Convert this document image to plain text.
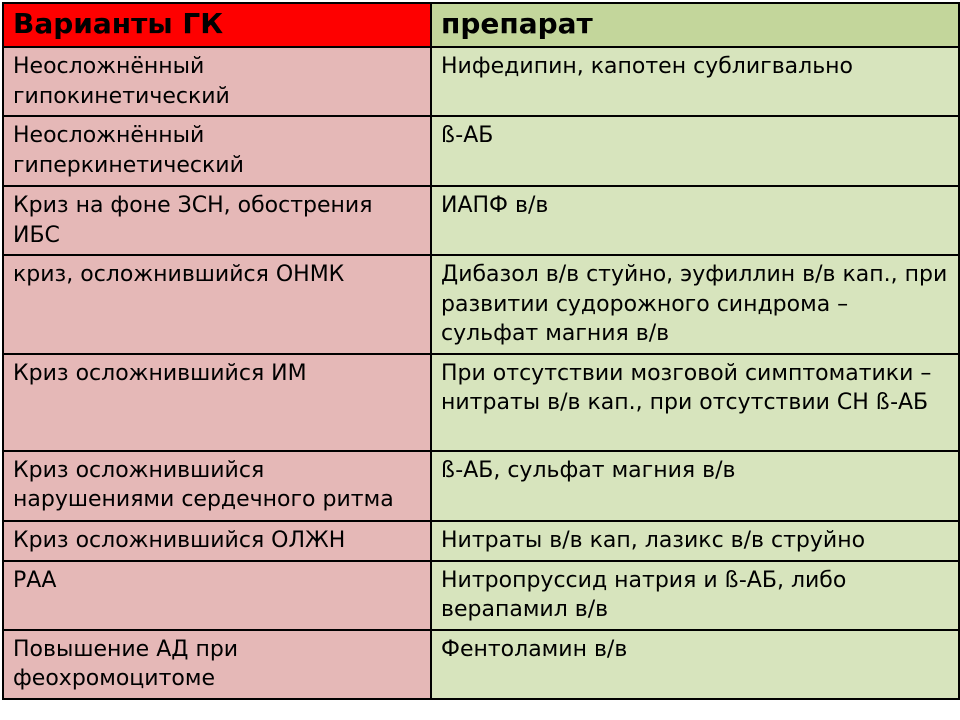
Варианты ГК	препарат
Неосложнённый гипокинетический	Нифедипин, капотен сублигвально
Неосложнённый гиперкинетический	ß-АБ
Криз на фоне ЗСН, обострения ИБС	ИАПФ в/в
криз, осложнившийся ОНМК	Дибазол в/в стуйно, эуфиллин в/в кап., при развитии судорожного синдрома – сульфат магния в/в
Криз осложнившийся ИМ	При отсутствии мозговой симптоматики – нитраты в/в кап., при отсутствии СН ß-АБ
Криз осложнившийся нарушениями сердечного ритма	ß-АБ, сульфат магния в/в
Криз осложнившийся ОЛЖН	Нитраты в/в кап, лазикс в/в струйно
РАА	Нитропруссид натрия и ß-АБ, либо верапамил в/в
Повышение АД при феохромоцитоме	Фентоламин в/в
